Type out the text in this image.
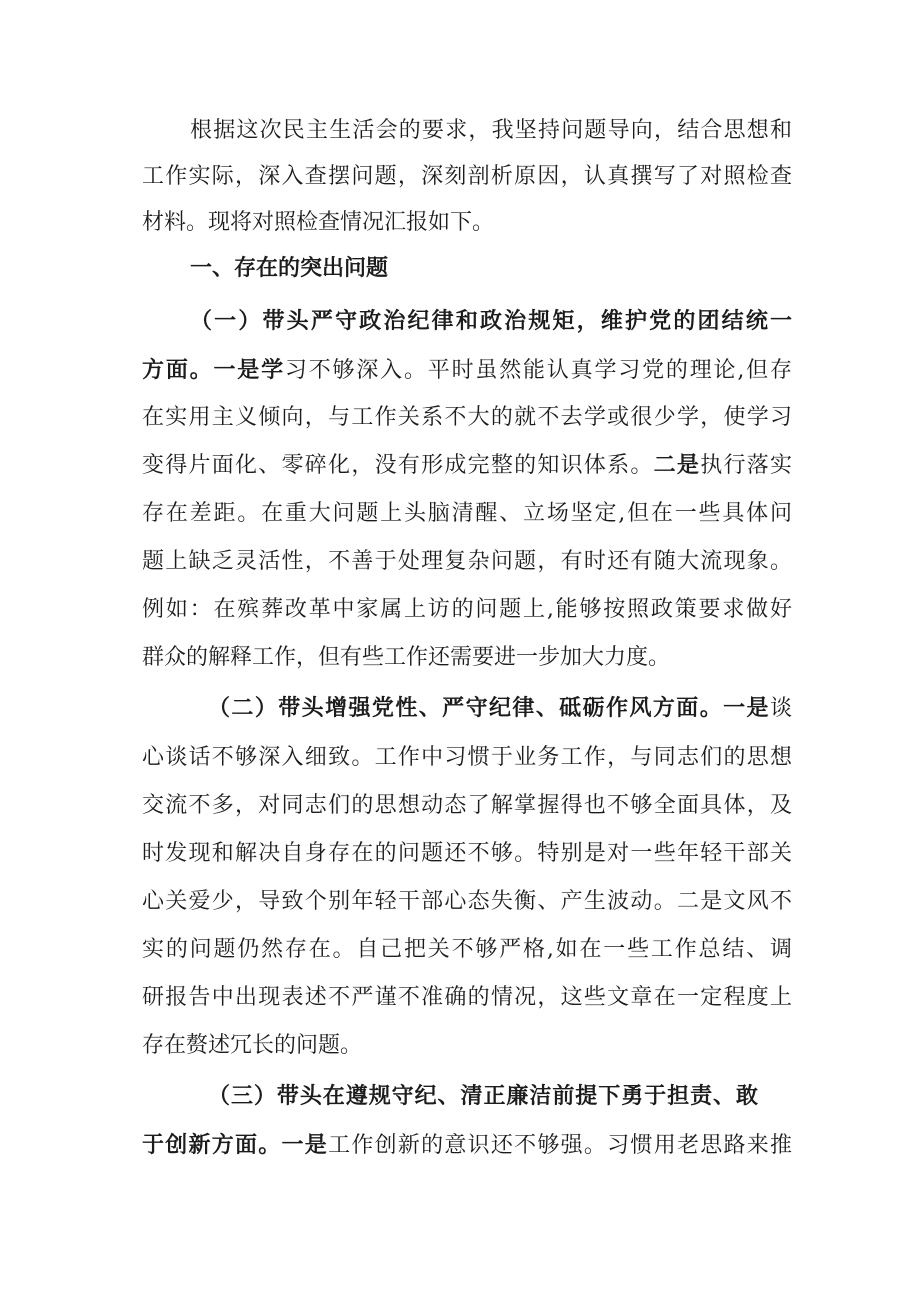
根据这次民主生活会的要求，我坚持问题导向，结合思想和
工作实际，深入查摆问题，深刻剖析原因，认真撰写了对照检查
材料。现将对照检查情况汇报如下。
一、存在的突出问题
（一）带头严守政治纪律和政治规矩，维护党的团结统一
方面。一是学习不够深入。平时虽然能认真学习党的理论,但存
在实用主义倾向，与工作关系不大的就不去学或很少学，使学习
变得片面化、零碎化，没有形成完整的知识体系。二是执行落实
存在差距。在重大问题上头脑清醒、立场坚定,但在一些具体问
题上缺乏灵活性，不善于处理复杂问题，有时还有随大流现象。
例如：在殡葬改革中家属上访的问题上,能够按照政策要求做好
群众的解释工作，但有些工作还需要进一步加大力度。
（二）带头增强党性、严守纪律、砥砺作风方面。一是谈
心谈话不够深入细致。工作中习惯于业务工作，与同志们的思想
交流不多，对同志们的思想动态了解掌握得也不够全面具体，及
时发现和解决自身存在的问题还不够。特别是对一些年轻干部关
心关爱少，导致个别年轻干部心态失衡、产生波动。二是文风不
实的问题仍然存在。自己把关不够严格,如在一些工作总结、调
研报告中出现表述不严谨不准确的情况，这些文章在一定程度上
存在赘述冗长的问题。
（三）带头在遵规守纪、清正廉洁前提下勇于担责、敢
于创新方面。一是工作创新的意识还不够强。习惯用老思路来推
